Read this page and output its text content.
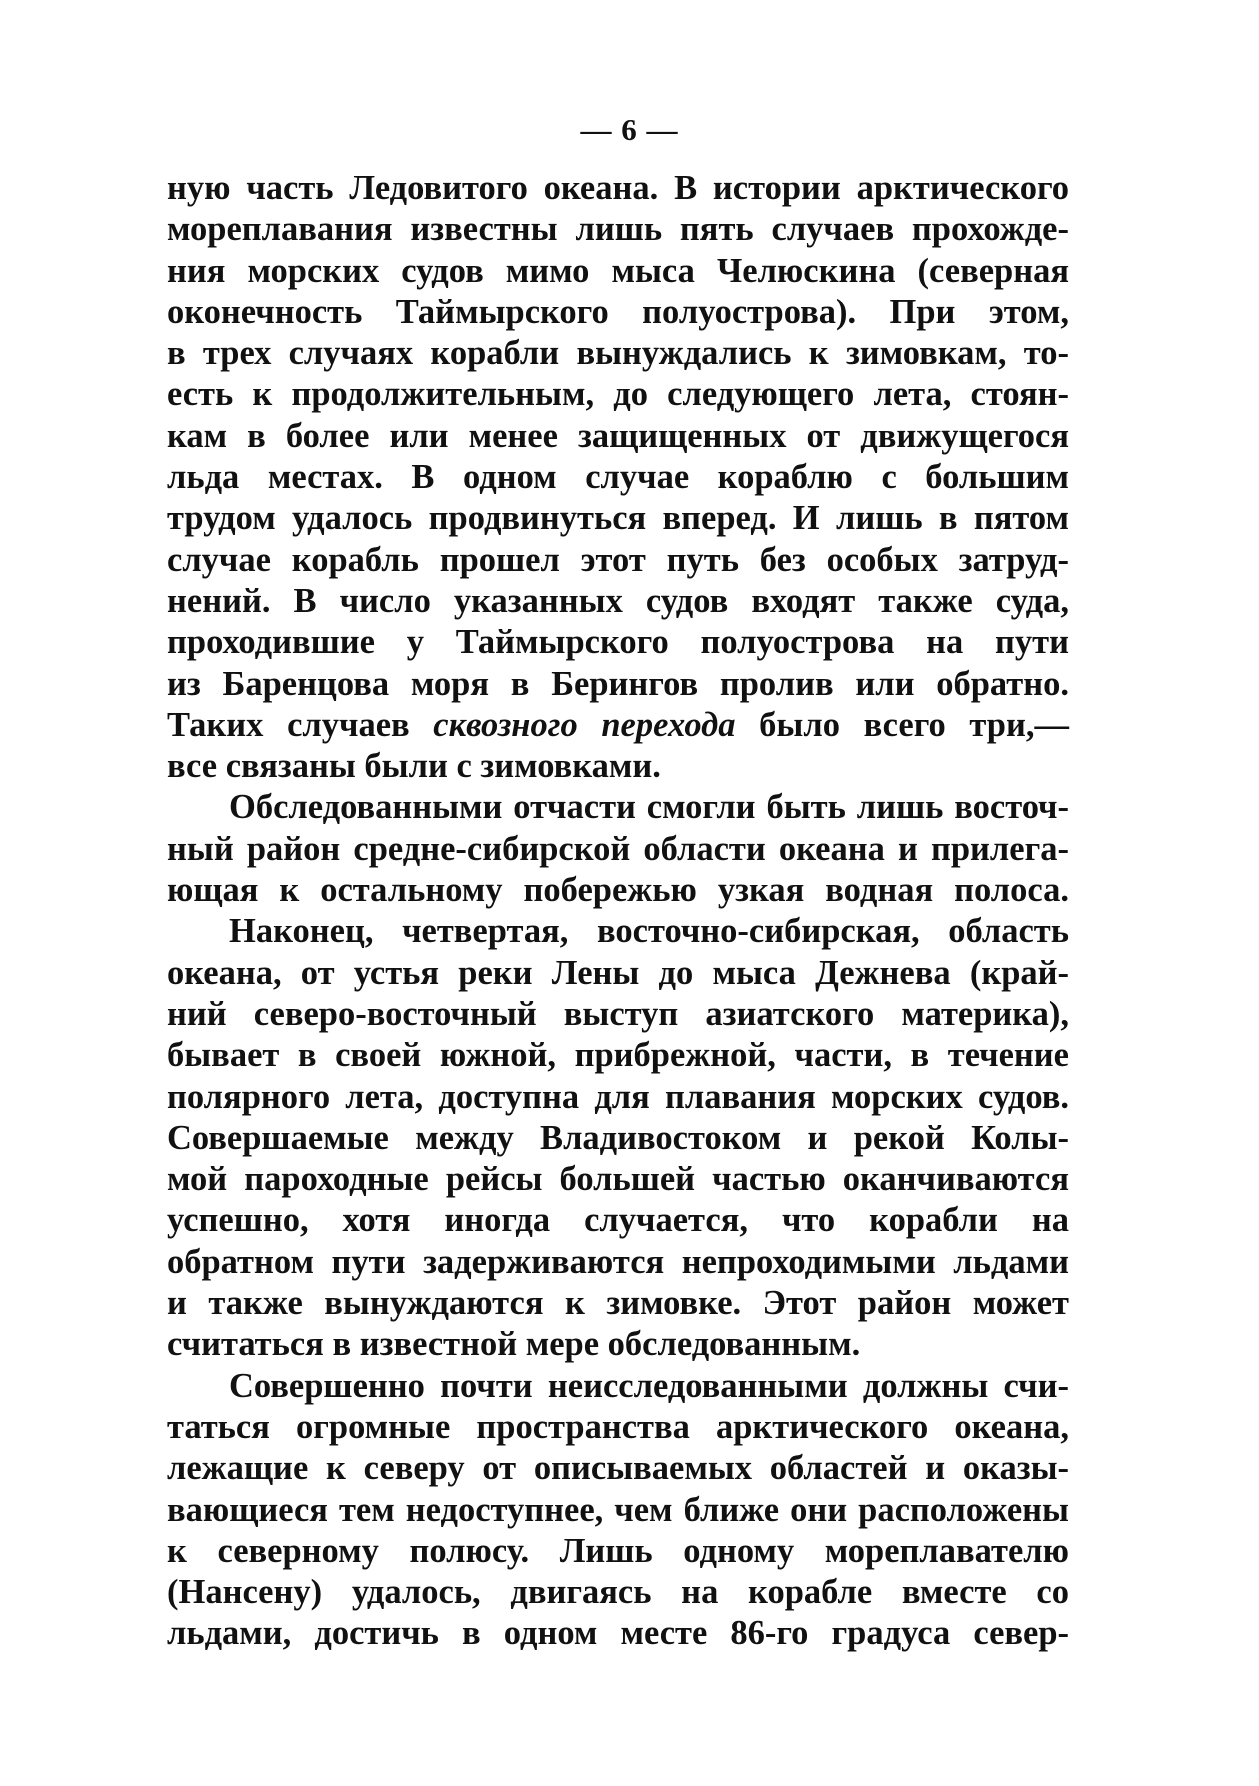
— 6 —
ную часть Ледовитого океана. В истории арктического
мореплавания известны лишь пять случаев прохожде-
ния морских судов мимо мыса Челюскина (северная
оконечность Таймырского полуострова). При этом,
в трех случаях корабли вынуждались к зимовкам, то-
есть к продолжительным, до следующего лета, стоян-
кам в более или менее защищенных от движущегося
льда местах. В одном случае кораблю с большим
трудом удалось продвинуться вперед. И лишь в пятом
случае корабль прошел этот путь без особых затруд-
нений. В число указанных судов входят также суда,
проходившие у Таймырского полуострова на пути
из Баренцова моря в Берингов пролив или обратно.
Таких случаев сквозного перехода было всего три,—
все связаны были с зимовками.
Обследованными отчасти смогли быть лишь восточ-
ный район средне-сибирской области океана и прилега-
ющая к остальному побережью узкая водная полоса.
Наконец, четвертая, восточно-сибирская, область
океана, от устья реки Лены до мыса Дежнева (край-
ний северо-восточный выступ азиатского материка),
бывает в своей южной, прибрежной, части, в течение
полярного лета, доступна для плавания морских судов.
Совершаемые между Владивостоком и рекой Колы-
мой пароходные рейсы большей частью оканчиваются
успешно, хотя иногда случается, что корабли на
обратном пути задерживаются непроходимыми льдами
и также вынуждаются к зимовке. Этот район может
считаться в известной мере обследованным.
Совершенно почти неисследованными должны счи-
таться огромные пространства арктического океана,
лежащие к северу от описываемых областей и оказы-
вающиеся тем недоступнее, чем ближе они расположены
к северному полюсу. Лишь одному мореплавателю
(Нансену) удалось, двигаясь на корабле вместе со
льдами, достичь в одном месте 86-го градуса север-
